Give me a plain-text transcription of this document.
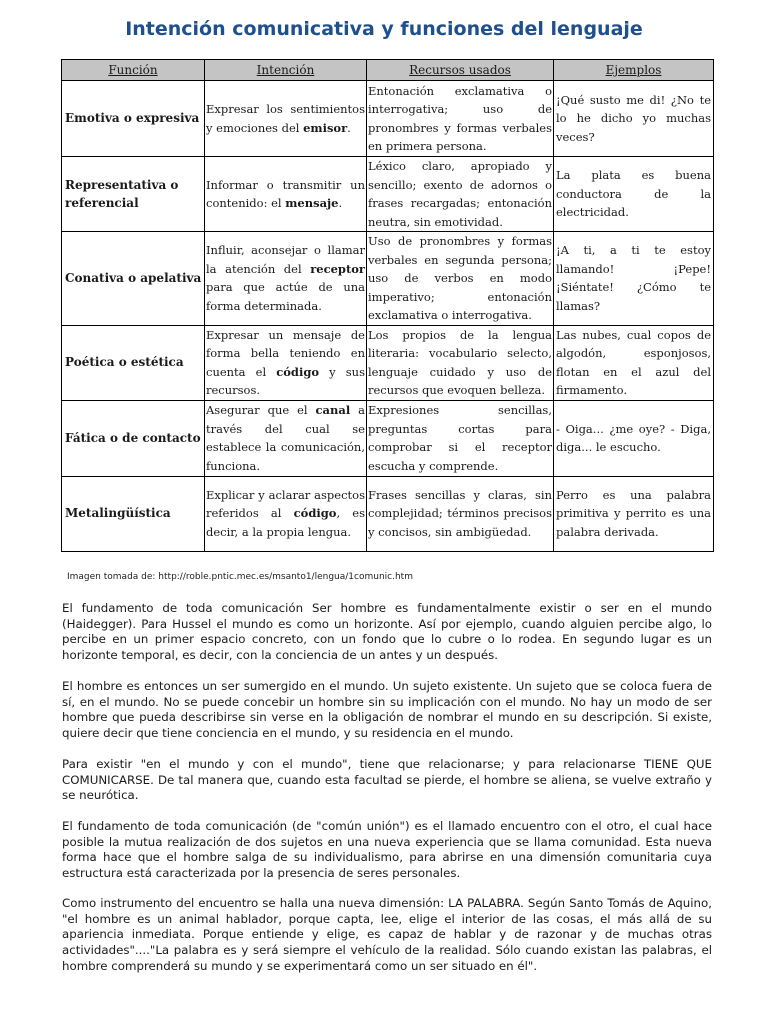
Intención comunicativa y funciones del lenguaje
Función	Intención	Recursos usados	Ejemplos
Emotiva o expresiva	Expresar los sentimientos y emociones del emisor.	Entonación exclamativa o interrogativa; uso de pronombres y formas verbales en primera persona.	¡Qué susto me di! ¿No te lo he dicho yo muchas veces?
Representativa o referencial	Informar o transmitir un contenido: el mensaje.	Léxico claro, apropiado y sencillo; exento de adornos o frases recargadas; entonación neutra, sin emotividad.	La plata es buena conductora de la electricidad.
Conativa o apelativa	Influir, aconsejar o llamar la atención del receptor para que actúe de una forma determinada.	Uso de pronombres y formas verbales en segunda persona; uso de verbos en modo imperativo; entonación exclamativa o interrogativa.	¡A ti, a ti te estoy llamando! ¡Pepe! ¡Siéntate! ¿Cómo te llamas?
Poética o estética	Expresar un mensaje de forma bella teniendo en cuenta el código y sus recursos.	Los propios de la lengua literaria: vocabulario selecto, lenguaje cuidado y uso de recursos que evoquen belleza.	Las nubes, cual copos de algodón, esponjosos, flotan en el azul del firmamento.
Fática o de contacto	Asegurar que el canal a través del cual se establece la comunicación, funciona.	Expresiones sencillas, preguntas cortas para comprobar si el receptor escucha y comprende.	- Oiga... ¿me oye? - Diga, diga... le escucho.
Metalingüística	Explicar y aclarar aspectos referidos al código, es decir, a la propia lengua.	Frases sencillas y claras, sin complejidad; términos precisos y concisos, sin ambigüedad.	Perro es una palabra primitiva y perrito es una palabra derivada.
Imagen tomada de: http://roble.pntic.mec.es/msanto1/lengua/1comunic.htm

El fundamento de toda comunicación Ser hombre es fundamentalmente existir o ser en el mundo (Haidegger). Para Hussel el mundo es como un horizonte. Así por ejemplo, cuando alguien percibe algo, lo percibe en un primer espacio concreto, con un fondo que lo cubre o lo rodea. En segundo lugar es un horizonte temporal, es decir, con la conciencia de un antes y un después.

El hombre es entonces un ser sumergido en el mundo. Un sujeto existente. Un sujeto que se coloca fuera de sí, en el mundo. No se puede concebir un hombre sin su implicación con el mundo. No hay un modo de ser hombre que pueda describirse sin verse en la obligación de nombrar el mundo en su descripción. Si existe, quiere decir que tiene conciencia en el mundo, y su residencia en el mundo.

Para existir "en el mundo y con el mundo", tiene que relacionarse; y para relacionarse TIENE QUE COMUNICARSE. De tal manera que, cuando esta facultad se pierde, el hombre se aliena, se vuelve extraño y se neurótica.

El fundamento de toda comunicación (de "común unión") es el llamado encuentro con el otro, el cual hace posible la mutua realización de dos sujetos en una nueva experiencia que se llama comunidad. Esta nueva forma hace que el hombre salga de su individualismo, para abrirse en una dimensión comunitaria cuya estructura está caracterizada por la presencia de seres personales.

Como instrumento del encuentro se halla una nueva dimensión: LA PALABRA. Según Santo Tomás de Aquino, "el hombre es un animal hablador, porque capta, lee, elige el interior de las cosas, el más allá de su apariencia inmediata. Porque entiende y elige, es capaz de hablar y de razonar y de muchas otras actividades"...."La palabra es y será siempre el vehículo de la realidad. Sólo cuando existan las palabras, el hombre comprenderá su mundo y se experimentará como un ser situado en él".
